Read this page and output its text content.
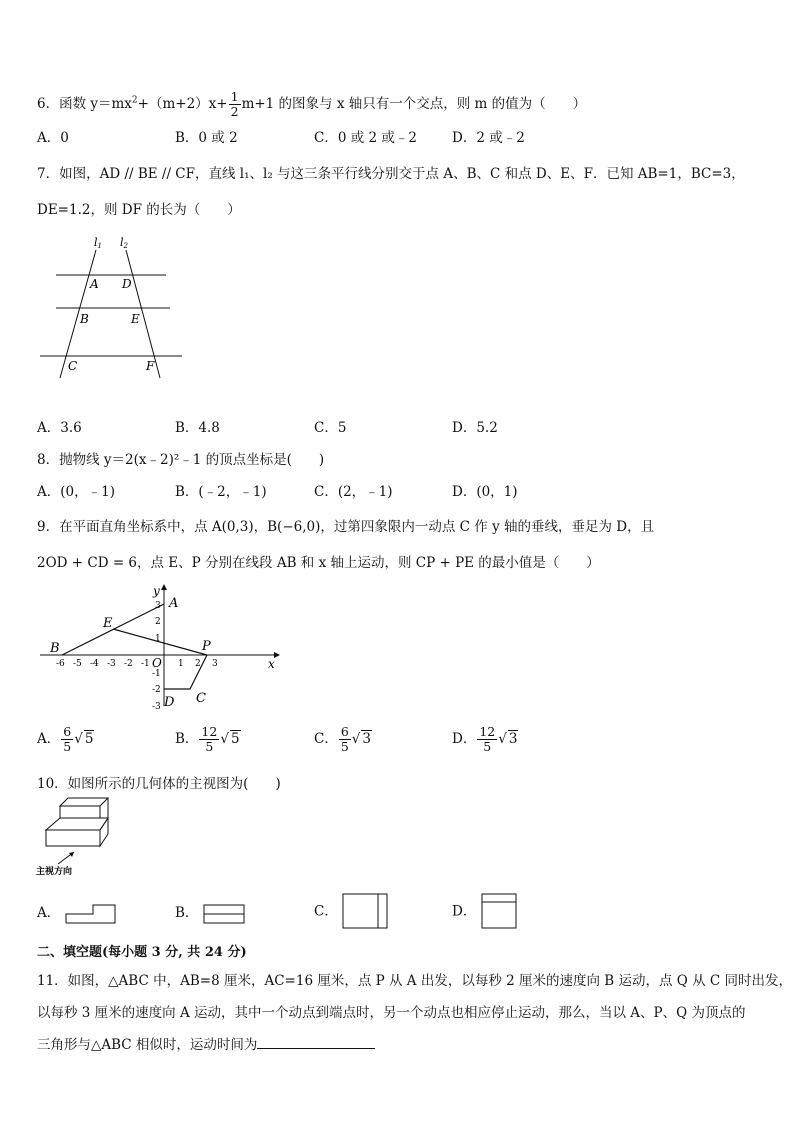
6．函数 $y=mx^2+(m+2)x+ \frac{1}{2} m+1$ 的图象与 x 轴只有一个交点，则 m 的值为（　　）
A．0	B．0 或 2	C．0 或 2 或﹣2	D．2 或﹣2
7．如图，AD // BE // CF，直线 l₁、l₂ 与这三条平行线分别交于点 A、B、C 和点 D、E、F．已知 AB=1，BC=3，
DE=1.2，则 DF 的长为（　　）
l1 l2
A D
B	E
C	F
A．3.6	B．4.8	C．5	D．5.2
8．抛物线 y＝2(x﹣2)²﹣1 的顶点坐标是(　　)
A．(0，﹣1)	B．(﹣2，﹣1)	C．(2，﹣1)	D．(0，1)
9．在平面直角坐标系中，点 A(0,3)，B(−6,0)，过第四象限内一动点 C 作 y 轴的垂线，垂足为 D，且
2OD + CD = 6，点 E、P 分别在线段 AB 和 x 轴上运动，则 CP + PE 的最小值是（　　）
-6 -5 -4 -3 -2 -1	1 2 3
3
2
1
-1
-2
-3
y
x
A
B
E
P
C
D
O
A． $\frac{6}{5}$ √ 5	B． $\frac{12}{5}$ √ 5	C． $\frac{6}{5}$ √ 3	D． $\frac{12}{5}$ √ 3
10．如图所示的几何体的主视图为(　　)
主视方向
A．	B．	C．	D．
二、填空题(每小题 3 分, 共 24 分)
11．如图，△ABC 中，AB=8 厘米，AC=16 厘米，点 P 从 A 出发，以每秒 2 厘米的速度向 B 运动，点 Q 从 C 同时出发，
以每秒 3 厘米的速度向 A 运动，其中一个动点到端点时，另一个动点也相应停止运动，那么，当以 A、P、Q 为顶点的
三角形与△ABC 相似时，运动时间为
